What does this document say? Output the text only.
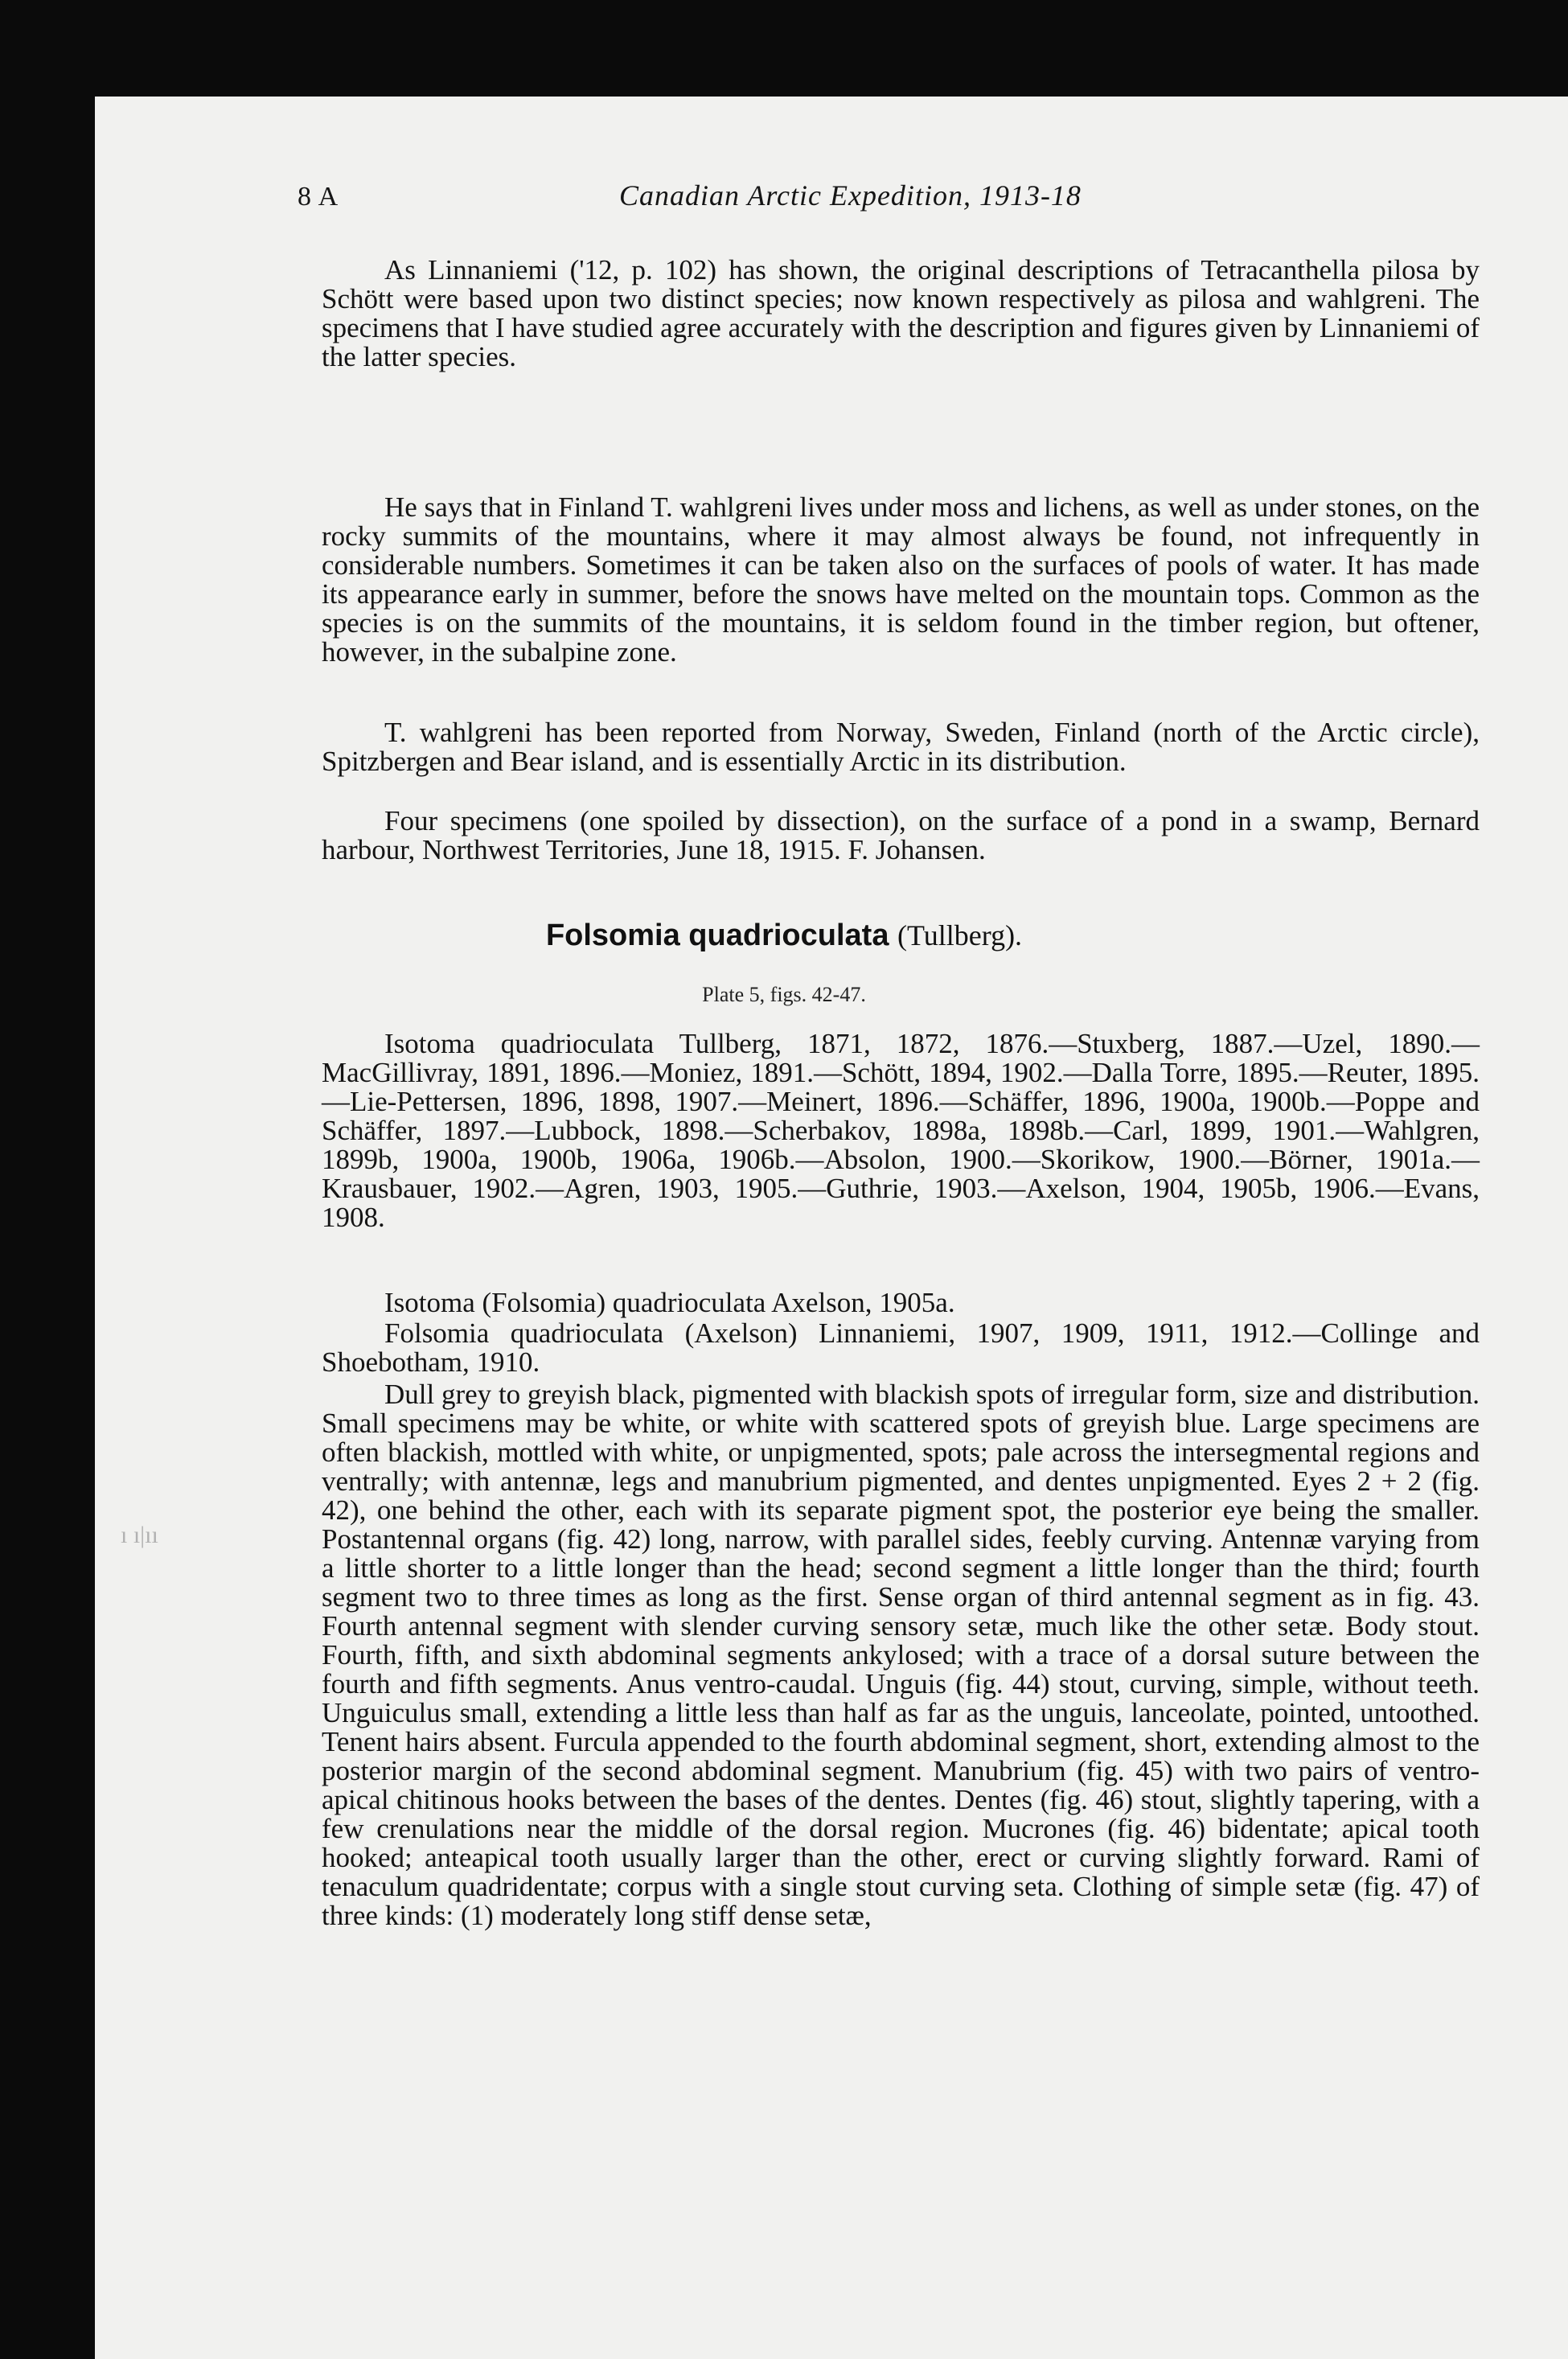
8 A	Canadian Arctic Expedition, 1913-18

As Linnaniemi ('12, p. 102) has shown, the original descriptions of Tetracanthella pilosa by Schött were based upon two distinct species; now known respectively as pilosa and wahlgreni. The specimens that I have studied agree accurately with the description and figures given by Linnaniemi of the latter species.

He says that in Finland T. wahlgreni lives under moss and lichens, as well as under stones, on the rocky summits of the mountains, where it may almost always be found, not infrequently in considerable numbers. Sometimes it can be taken also on the surfaces of pools of water. It has made its appearance early in summer, before the snows have melted on the mountain tops. Common as the species is on the summits of the mountains, it is seldom found in the timber region, but oftener, however, in the subalpine zone.

T. wahlgreni has been reported from Norway, Sweden, Finland (north of the Arctic circle), Spitzbergen and Bear island, and is essentially Arctic in its distribution.

Four specimens (one spoiled by dissection), on the surface of a pond in a swamp, Bernard harbour, Northwest Territories, June 18, 1915. F. Johansen.

Folsomia quadrioculata (Tullberg).
Plate 5, figs. 42-47.

Isotoma quadrioculata Tullberg, 1871, 1872, 1876.—Stuxberg, 1887.—Uzel, 1890.—MacGillivray, 1891, 1896.—Moniez, 1891.—Schött, 1894, 1902.—Dalla Torre, 1895.—Reuter, 1895.—Lie-Pettersen, 1896, 1898, 1907.—Meinert, 1896.—Schäffer, 1896, 1900a, 1900b.—Poppe and Schäffer, 1897.—Lubbock, 1898.—Scherbakov, 1898a, 1898b.—Carl, 1899, 1901.—Wahlgren, 1899b, 1900a, 1900b, 1906a, 1906b.—Absolon, 1900.—Skorikow, 1900.—Börner, 1901a.—Krausbauer, 1902.—Agren, 1903, 1905.—Guthrie, 1903.—Axelson, 1904, 1905b, 1906.—Evans, 1908.

Isotoma (Folsomia) quadrioculata Axelson, 1905a.

Folsomia quadrioculata (Axelson) Linnaniemi, 1907, 1909, 1911, 1912.—Collinge and Shoebotham, 1910.

Dull grey to greyish black, pigmented with blackish spots of irregular form, size and distribution. Small specimens may be white, or white with scattered spots of greyish blue. Large specimens are often blackish, mottled with white, or unpigmented, spots; pale across the intersegmental regions and ventrally; with antennæ, legs and manubrium pigmented, and dentes unpigmented. Eyes 2 + 2 (fig. 42), one behind the other, each with its separate pigment spot, the posterior eye being the smaller. Postantennal organs (fig. 42) long, narrow, with parallel sides, feebly curving. Antennæ varying from a little shorter to a little longer than the head; second segment a little longer than the third; fourth segment two to three times as long as the first. Sense organ of third antennal segment as in fig. 43. Fourth antennal segment with slender curving sensory setæ, much like the other setæ. Body stout. Fourth, fifth, and sixth abdominal segments ankylosed; with a trace of a dorsal suture between the fourth and fifth segments. Anus ventro-caudal. Unguis (fig. 44) stout, curving, simple, without teeth. Unguiculus small, extending a little less than half as far as the unguis, lanceolate, pointed, untoothed. Tenent hairs absent. Furcula appended to the fourth abdominal segment, short, extending almost to the posterior margin of the second abdominal segment. Manubrium (fig. 45) with two pairs of ventro-apical chitinous hooks between the bases of the dentes. Dentes (fig. 46) stout, slightly tapering, with a few crenulations near the middle of the dorsal region. Mucrones (fig. 46) bidentate; apical tooth hooked; anteapical tooth usually larger than the other, erect or curving slightly forward. Rami of tenaculum quadridentate; corpus with a single stout curving seta. Clothing of simple setæ (fig. 47) of three kinds: (1) moderately long stiff dense setæ,

ı ı|ıı
